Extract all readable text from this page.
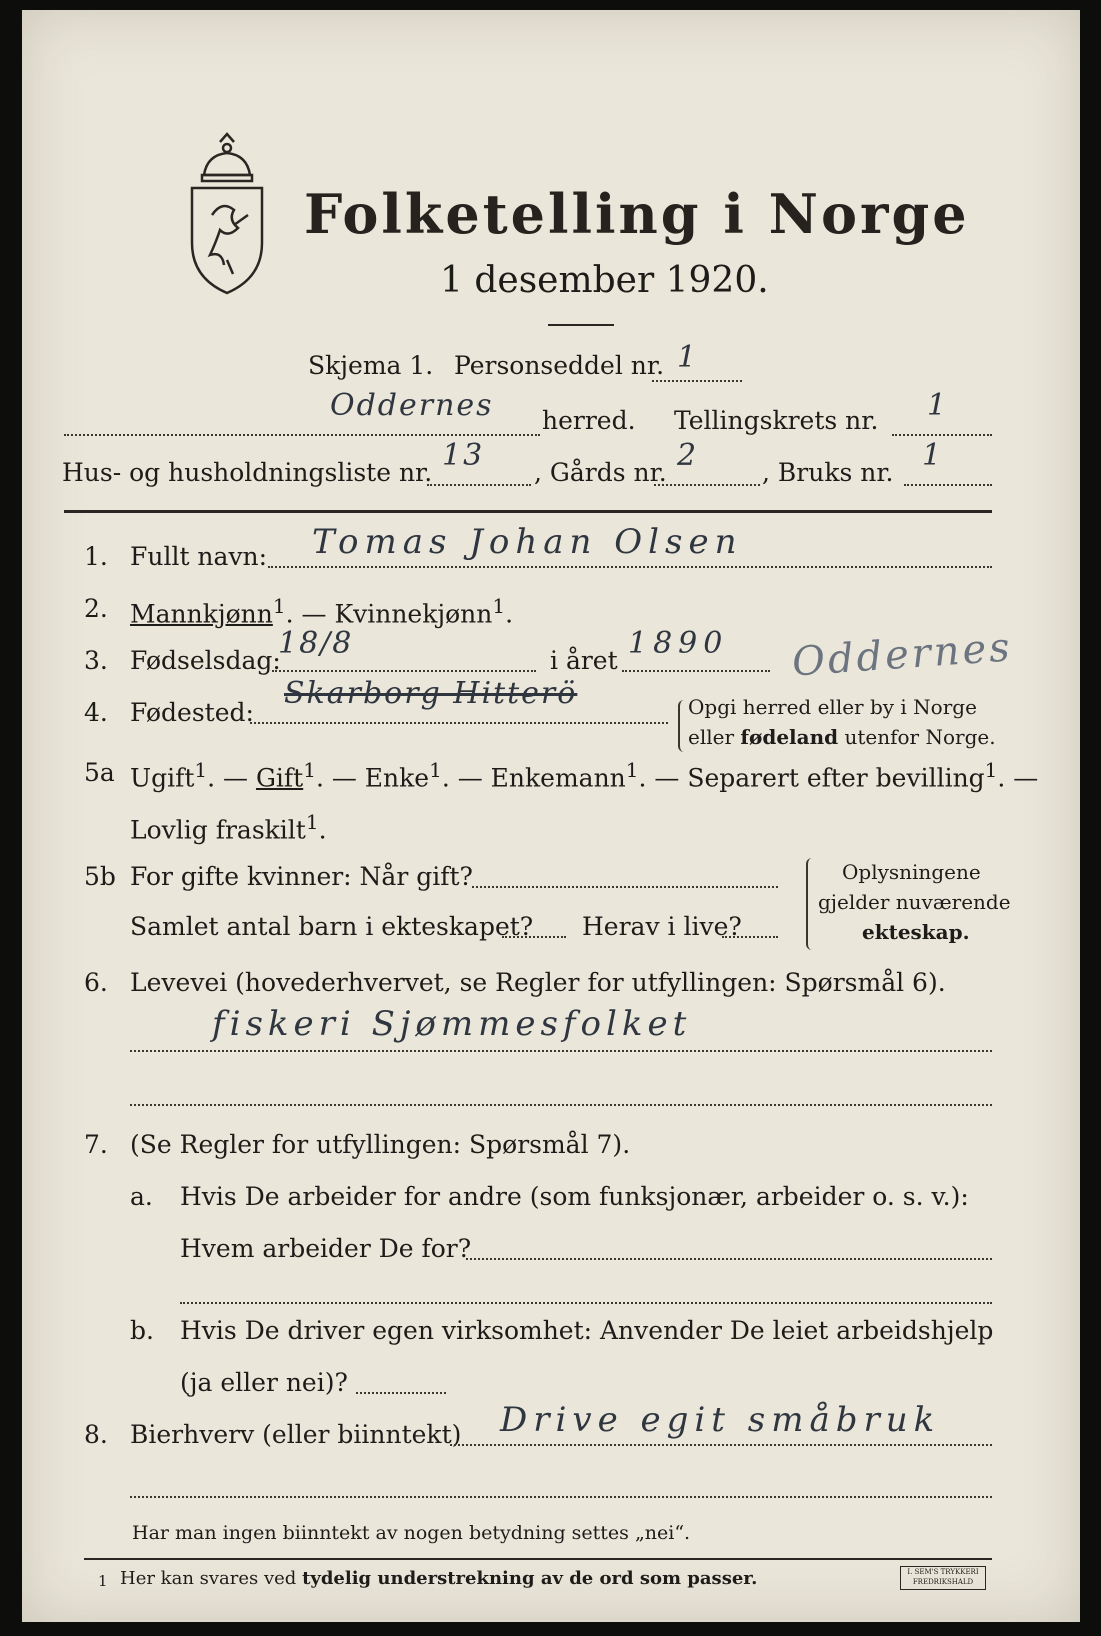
Folketelling i Norge
1 desember 1920.
Skjema 1. Personseddel nr. 1
Oddernes herred. Tellingskrets nr. 1
Hus- og husholdningsliste nr. 13 , Gårds nr. 2	, Bruks nr. 1
1. Fullt navn: Tomas Johan Olsen
2. Mannkjønn$^1$. — Kvinnekjønn$^1$.
3. Fødselsdag:
18/8	i året 1890 Oddernes
4. Fødested:
Skarborg Hitterö	Opgi herred eller by i Norge
eller fødeland utenfor Norge.
5a Ugift$^1$. — Gift$^1$. — Enke$^1$. — Enkemann$^1$. — Separert efter bevilling$^1$. —
Lovlig fraskilt$^1$.
5b For gifte kvinner: Når gift?
Samlet antal barn i ekteskapet? Herav i live?
Oplysningene
gjelder nuværende
ekteskap.
6. Levevei (hovederhvervet, se Regler for utfyllingen: Spørsmål 6).
fiskeri Sjømmesfolket
7. (Se Regler for utfyllingen: Spørsmål 7).
a. Hvis De arbeider for andre (som funksjonær, arbeider o. s. v.):
Hvem arbeider De for?
b. Hvis De driver egen virksomhet: Anvender De leiet arbeidshjelp
(ja eller nei)?
8. Bierhverv (eller biinntekt) Drive egit småbruk
Har man ingen biinntekt av nogen betydning settes „nei“.
1 Her kan svares ved tydelig understrekning av de ord som passer.	I. SEM'S TRYKKERI FREDRIKSHALD
